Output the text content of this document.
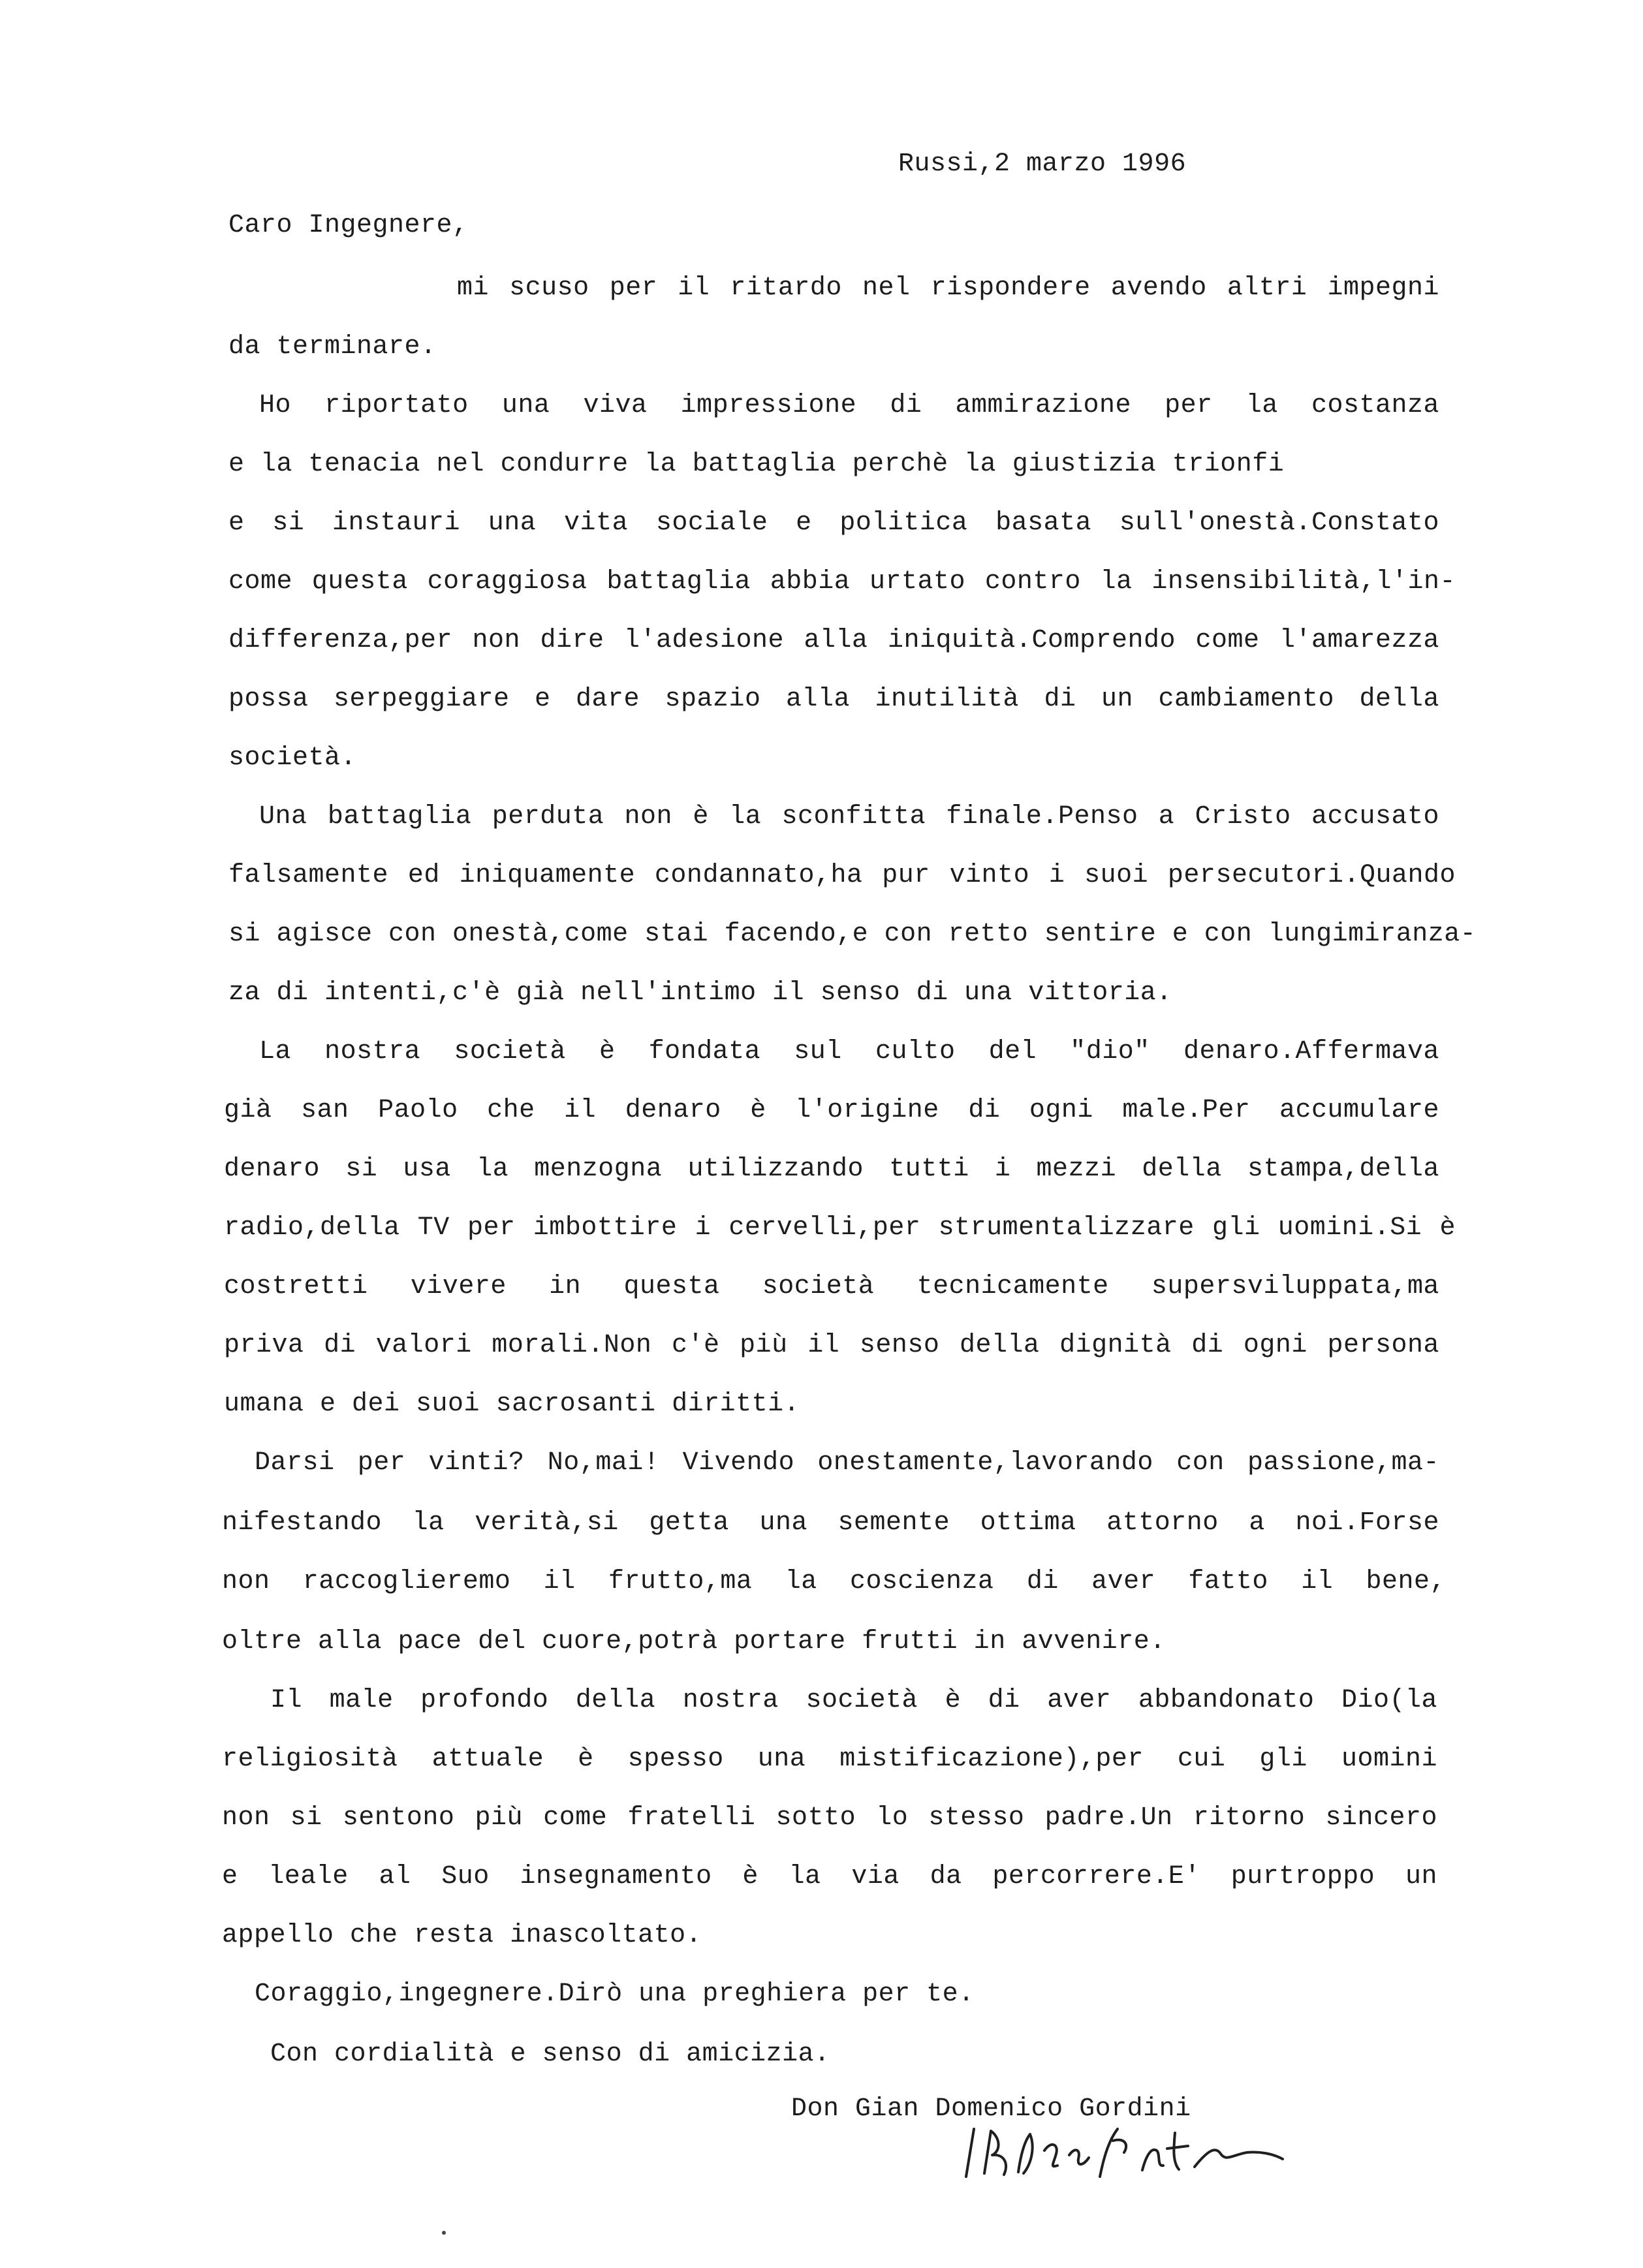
Russi,2 marzo 1996
Caro Ingegnere,
mi scuso per il ritardo nel rispondere avendo altri impegni
da terminare.
Ho riportato una viva impressione di ammirazione per la costanza
e la tenacia nel condurre la battaglia perchè la giustizia trionfi
e si instauri una vita sociale e politica basata sull'onestà.Constato
come questa coraggiosa battaglia abbia urtato contro la insensibilità,l'in-
differenza,per non dire l'adesione alla iniquità.Comprendo come l'amarezza
possa serpeggiare e dare spazio alla inutilità di un cambiamento della
società.
Una battaglia perduta non è la sconfitta finale.Penso a Cristo accusato
falsamente ed iniquamente condannato,ha pur vinto i suoi persecutori.Quando
si agisce con onestà,come stai facendo,e con retto sentire e con lungimiranza-
za di intenti,c'è già nell'intimo il senso di una vittoria.
La nostra società è fondata sul culto del "dio" denaro.Affermava
già san Paolo che il denaro è l'origine di ogni male.Per accumulare
denaro si usa la menzogna utilizzando tutti i mezzi della stampa,della
radio,della TV per imbottire i cervelli,per strumentalizzare gli uomini.Si è
costretti vivere in questa società tecnicamente supersviluppata,ma
priva di valori morali.Non c'è più il senso della dignità di ogni persona
umana e dei suoi sacrosanti diritti.
Darsi per vinti? No,mai! Vivendo onestamente,lavorando con passione,ma-
nifestando la verità,si getta una semente ottima attorno a noi.Forse
non raccoglieremo il frutto,ma la coscienza di aver fatto il bene,
oltre alla pace del cuore,potrà portare frutti in avvenire.
Il male profondo della nostra società è di aver abbandonato Dio(la
religiosità attuale è spesso una mistificazione),per cui gli uomini
non si sentono più come fratelli sotto lo stesso padre.Un ritorno sincero
e leale al Suo insegnamento è la via da percorrere.E' purtroppo un
appello che resta inascoltato.
Coraggio,ingegnere.Dirò una preghiera per te.
Con cordialità e senso di amicizia.
Don Gian Domenico Gordini
